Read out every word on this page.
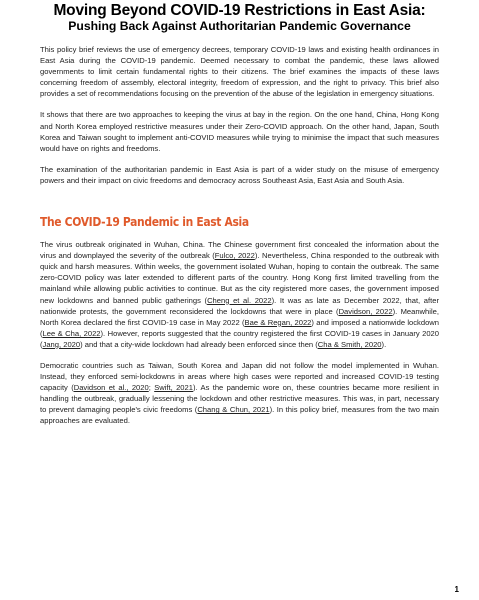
Moving Beyond COVID-19 Restrictions in East Asia:
Pushing Back Against Authoritarian Pandemic Governance

This policy brief reviews the use of emergency decrees, temporary COVID-19 laws and existing health ordinances in East Asia during the COVID-19 pandemic. Deemed necessary to combat the pandemic, these laws allowed governments to limit certain fundamental rights to their citizens. The brief examines the impacts of these laws concerning freedom of assembly, electoral integrity, freedom of expression, and the right to privacy. This brief also provides a set of recommendations focusing on the prevention of the abuse of the legislation in emergency situations.

It shows that there are two approaches to keeping the virus at bay in the region. On the one hand, China, Hong Kong and North Korea employed restrictive measures under their Zero-COVID approach. On the other hand, Japan, South Korea and Taiwan sought to implement anti-COVID measures while trying to minimise the impact that such measures would have on rights and freedoms.

The examination of the authoritarian pandemic in East Asia is part of a wider study on the misuse of emergency powers and their impact on civic freedoms and democracy across Southeast Asia, East Asia and South Asia.

The COVID-19 Pandemic in East Asia

The virus outbreak originated in Wuhan, China. The Chinese government first concealed the information about the virus and downplayed the severity of the outbreak (Fulco, 2022). Nevertheless, China responded to the outbreak with quick and harsh measures. Within weeks, the government isolated Wuhan, hoping to contain the outbreak. The same zero-COVID policy was later extended to different parts of the country. Hong Kong first limited travelling from the mainland while allowing public activities to continue. But as the city registered more cases, the government imposed new lockdowns and banned public gatherings (Cheng et al. 2022). It was as late as December 2022, that, after nationwide protests, the government reconsidered the lockdowns that were in place (Davidson, 2022). Meanwhile, North Korea declared the first COVID-19 case in May 2022 (Bae & Regan, 2022) and imposed a nationwide lockdown (Lee & Cha, 2022). However, reports suggested that the country registered the first COVID-19 cases in January 2020 (Jang, 2020) and that a city-wide lockdown had already been enforced since then (Cha & Smith, 2020).

Democratic countries such as Taiwan, South Korea and Japan did not follow the model implemented in Wuhan. Instead, they enforced semi-lockdowns in areas where high cases were reported and increased COVID-19 testing capacity (Davidson et al., 2020; Swift, 2021). As the pandemic wore on, these countries became more resilient in handling the outbreak, gradually lessening the lockdown and other restrictive measures. This was, in part, necessary to prevent damaging people's civic freedoms (Chang & Chun, 2021). In this policy brief, measures from the two main approaches are evaluated.

1
